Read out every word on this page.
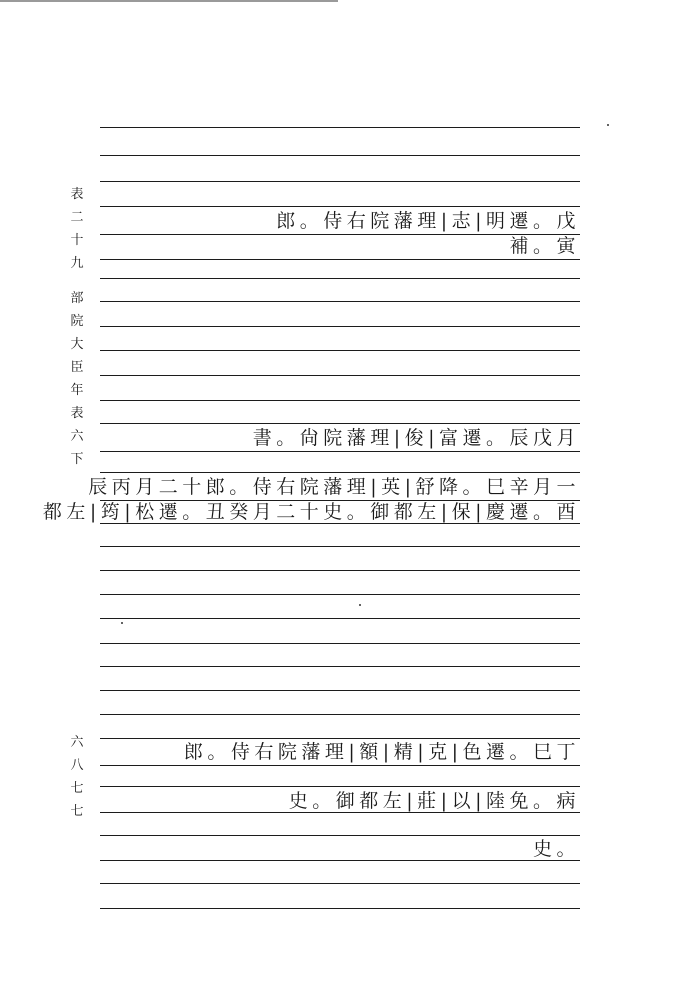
表
二
十
九
部
院
大
臣
年
表
六
下
六
八
七
七
郎。侍右院藩理|志|明遷。戊
補。寅
書。尙院藩理|俊|富遷。辰戊月
辰丙月二十郎。侍右院藩理|英|舒降。巳辛月一
都左|筠|松遷。丑癸月二十史。御都左|保|慶遷。酉
郎。侍右院藩理|額|精|克|色遷。巳丁
史。御都左|莊|以|陸免。病
史。
